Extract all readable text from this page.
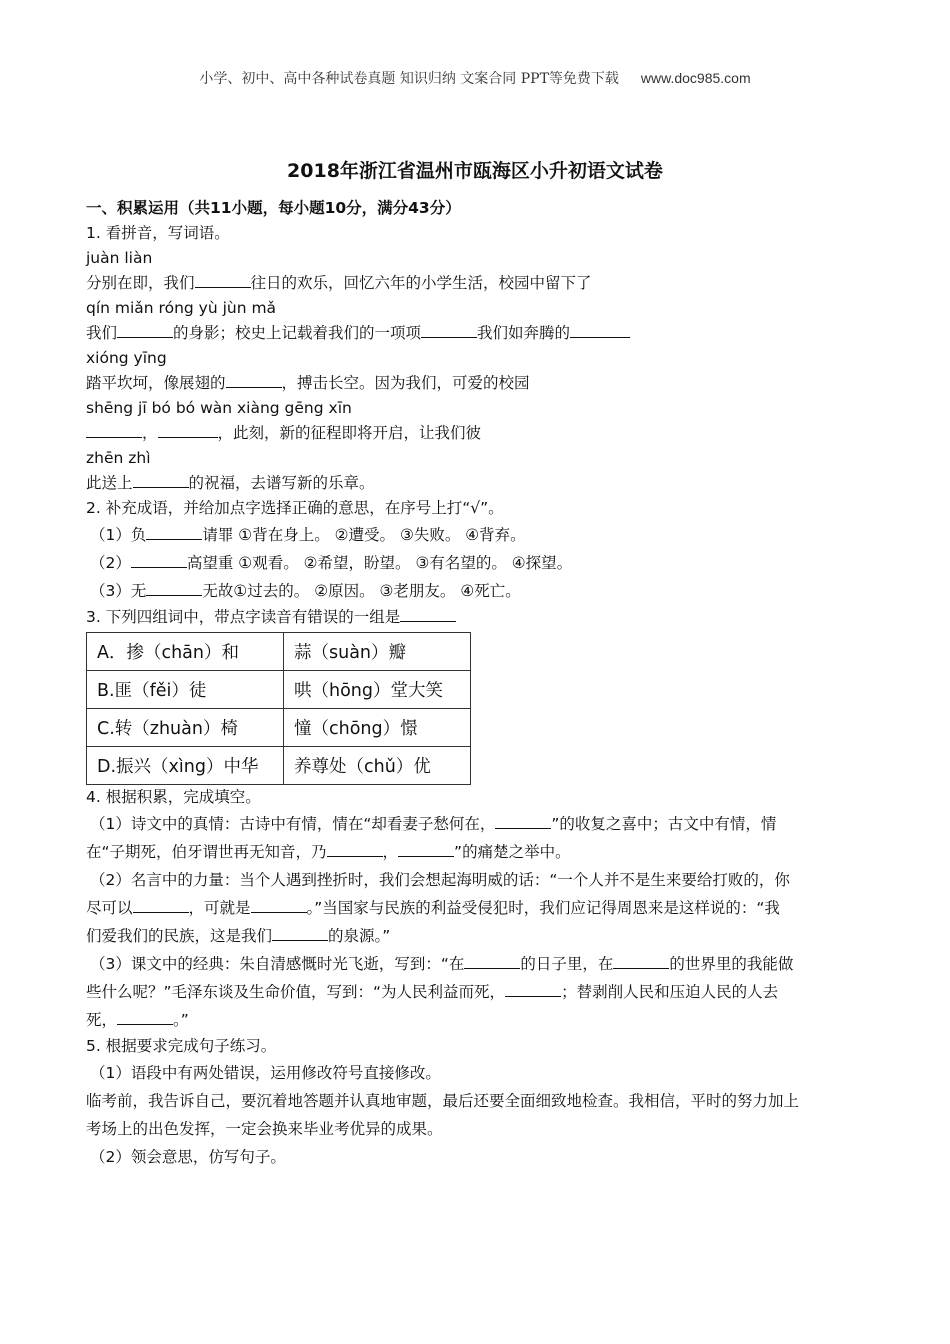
小学、初中、高中各种试卷真题 知识归纳 文案合同 PPT等免费下载 www.doc985.com
2018年浙江省温州市瓯海区小升初语文试卷
一、积累运用（共11小题，每小题10分，满分43分）
1. 看拼音，写词语。
juàn liàn
分别在即，我们	往日的欢乐，回忆六年的小学生活，校园中留下了
qín miǎn róng yù jùn mǎ
我们	的身影；校史上记载着我们的一项项	我们如奔腾的
xióng yīng
踏平坎坷，像展翅的	，搏击长空。因为我们，可爱的校园
shēng jī bó bó wàn xiàng gēng xīn
，	，此刻，新的征程即将开启，让我们彼
zhēn zhì
此送上	的祝福，去谱写新的乐章。
2. 补充成语，并给加点字选择正确的意思，在序号上打“√”。
（1）负	请罪 ①背在身上。 ②遭受。 ③失败。 ④背弃。
（2）	高望重 ①观看。 ②希望，盼望。 ③有名望的。 ④探望。
（3）无	无故①过去的。 ②原因。 ③老朋友。 ④死亡。
3. 下列四组词中，带点字读音有错误的一组是
A．掺（chān）和	蒜（suàn）瓣
B.匪（fěi）徒	哄（hōng）堂大笑
C.转（zhuàn）椅	憧（chōng）憬
D.振兴（xìng）中华	养尊处（chǔ）优
4. 根据积累，完成填空。
（1）诗文中的真情：古诗中有情，情在“却看妻子愁何在，	”的收复之喜中；古文中有情，情
在“子期死，伯牙谓世再无知音，乃	，	”的痛楚之举中。
（2）名言中的力量：当个人遇到挫折时，我们会想起海明威的话：“一个人并不是生来要给打败的，你
尽可以	，可就是	。”当国家与民族的利益受侵犯时，我们应记得周恩来是这样说的：“我
们爱我们的民族，这是我们	的泉源。”
（3）课文中的经典：朱自清感慨时光飞逝，写到：“在	的日子里，在	的世界里的我能做
些什么呢？”毛泽东谈及生命价值，写到：“为人民利益而死，	；替剥削人民和压迫人民的人去
死，	。”
5. 根据要求完成句子练习。
（1）语段中有两处错误，运用修改符号直接修改。
临考前，我告诉自己，要沉着地答题并认真地审题，最后还要全面细致地检查。我相信，平时的努力加上
考场上的出色发挥，一定会换来毕业考优异的成果。
（2）领会意思，仿写句子。
